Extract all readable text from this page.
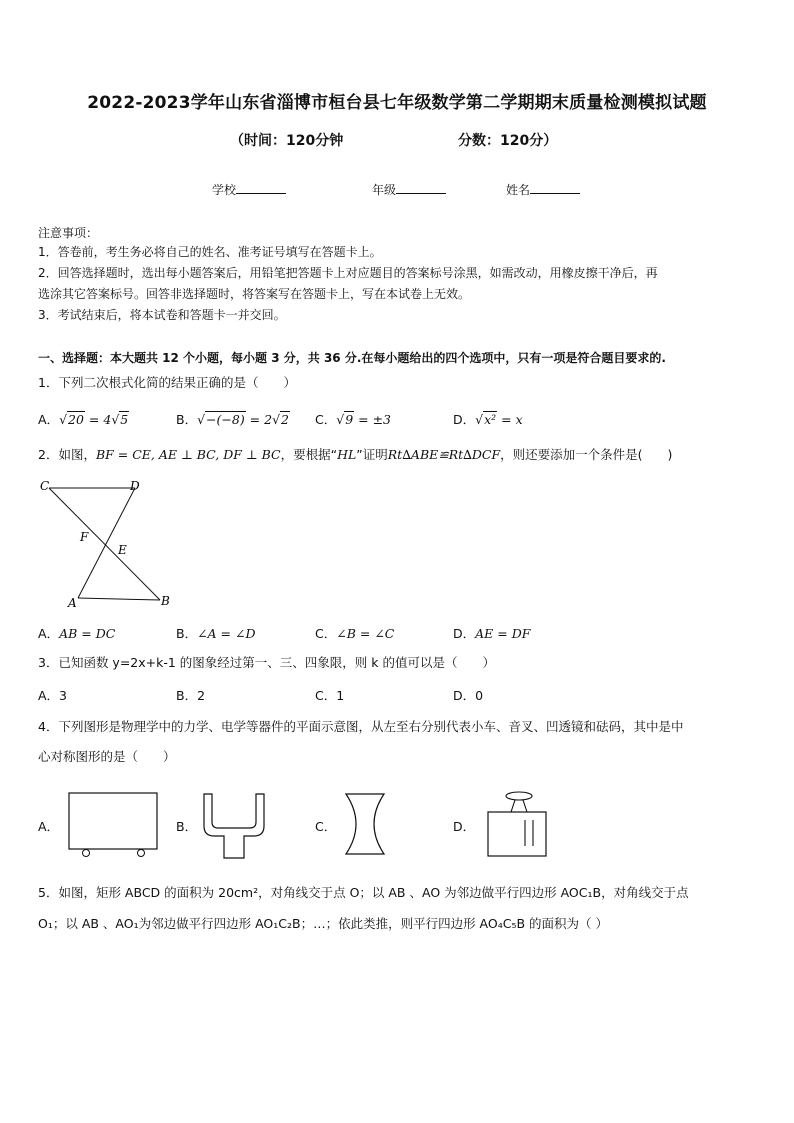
2022-2023学年山东省淄博市桓台县七年级数学第二学期期末质量检测模拟试题
（时间：120分钟	分数：120分）
学校	年级	姓名
注意事项：
1．答卷前，考生务必将自己的姓名、准考证号填写在答题卡上。
2．回答选择题时，选出每小题答案后，用铅笔把答题卡上对应题目的答案标号涂黑，如需改动，用橡皮擦干净后，再
选涂其它答案标号。回答非选择题时，将答案写在答题卡上，写在本试卷上无效。
3．考试结束后，将本试卷和答题卡一并交回。
一、选择题：本大题共 12 个小题，每小题 3 分，共 36 分.在每小题给出的四个选项中，只有一项是符合题目要求的.
1．下列二次根式化简的结果正确的是（　　）
A．√20 = 4√5	B．√−(−8) = 2√2 C．√9 = ±3	D．√x² = x
2．如图，BF = CE, AE ⊥ BC, DF ⊥ BC，要根据“HL”证明Rt∆ABE≌Rt∆DCF，则还要添加一个条件是(　　)
C	D
F
E
A	B
A．AB = DC	B．∠A = ∠D	C．∠B = ∠C	D．AE = DF
3．已知函数 y=2x+k-1 的图象经过第一、三、四象限，则 k 的值可以是（　　）
A．3	B．2	C．1	D．0
4．下列图形是物理学中的力学、电学等器件的平面示意图，从左至右分别代表小车、音叉、凹透镜和砝码，其中是中
心对称图形的是（　　）
A．	B．	C．	D．
5．如图，矩形 ABCD 的面积为 20cm²，对角线交于点 O；以 AB 、AO 为邻边做平行四边形 AOC₁B，对角线交于点
O₁；以 AB 、AO₁为邻边做平行四边形 AO₁C₂B；…；依此类推，则平行四边形 AO₄C₅B 的面积为（ ）
